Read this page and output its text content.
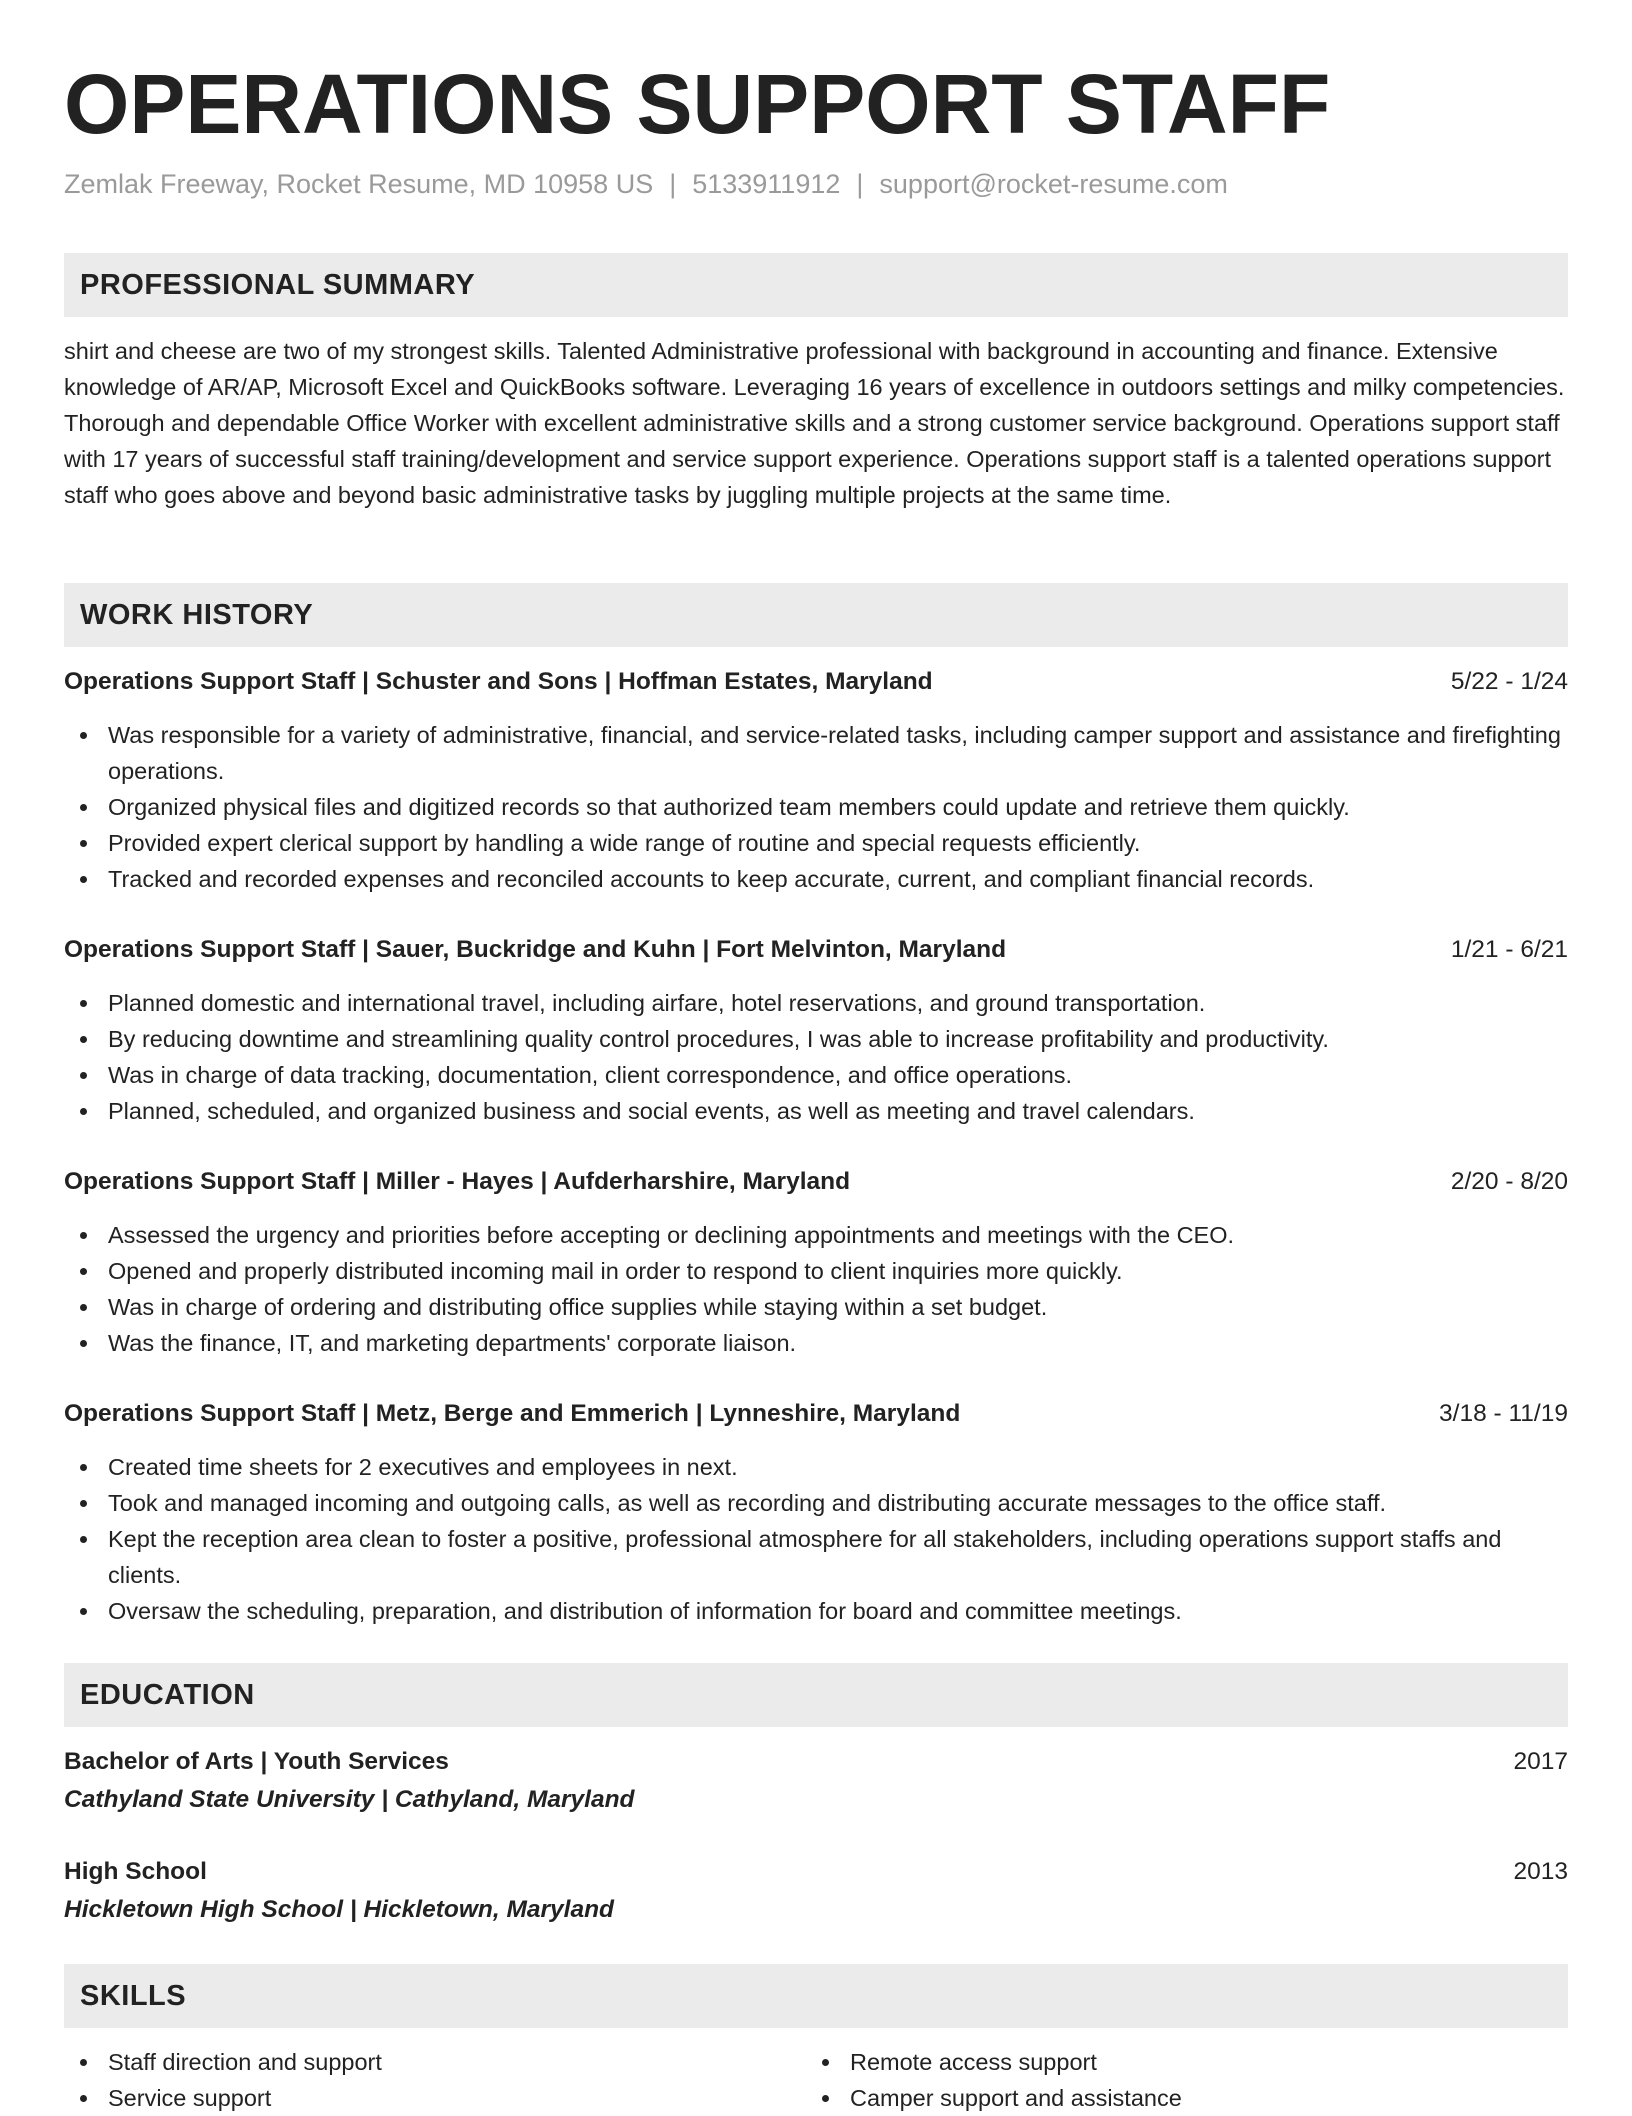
OPERATIONS SUPPORT STAFF
Zemlak Freeway, Rocket Resume, MD 10958 US | 5133911912 | support@rocket-resume.com
PROFESSIONAL SUMMARY

shirt and cheese are two of my strongest skills. Talented Administrative professional with background in accounting and finance. Extensive knowledge of AR/AP, Microsoft Excel and QuickBooks software. Leveraging 16 years of excellence in outdoors settings and milky competencies. Thorough and dependable Office Worker with excellent administrative skills and a strong customer service background. Operations support staff with 17 years of successful staff training/development and service support experience. Operations support staff is a talented operations support staff who goes above and beyond basic administrative tasks by juggling multiple projects at the same time.

WORK HISTORY
Operations Support Staff | Schuster and Sons | Hoffman Estates, Maryland	5/22 - 1/24
Was responsible for a variety of administrative, financial, and service-related tasks, including camper support and assistance and firefighting operations.
Organized physical files and digitized records so that authorized team members could update and retrieve them quickly.
Provided expert clerical support by handling a wide range of routine and special requests efficiently.
Tracked and recorded expenses and reconciled accounts to keep accurate, current, and compliant financial records.
Operations Support Staff | Sauer, Buckridge and Kuhn | Fort Melvinton, Maryland	1/21 - 6/21
Planned domestic and international travel, including airfare, hotel reservations, and ground transportation.
By reducing downtime and streamlining quality control procedures, I was able to increase profitability and productivity.
Was in charge of data tracking, documentation, client correspondence, and office operations.
Planned, scheduled, and organized business and social events, as well as meeting and travel calendars.
Operations Support Staff | Miller - Hayes | Aufderharshire, Maryland	2/20 - 8/20
Assessed the urgency and priorities before accepting or declining appointments and meetings with the CEO.
Opened and properly distributed incoming mail in order to respond to client inquiries more quickly.
Was in charge of ordering and distributing office supplies while staying within a set budget.
Was the finance, IT, and marketing departments' corporate liaison.
Operations Support Staff | Metz, Berge and Emmerich | Lynneshire, Maryland	3/18 - 11/19
Created time sheets for 2 executives and employees in next.
Took and managed incoming and outgoing calls, as well as recording and distributing accurate messages to the office staff.
Kept the reception area clean to foster a positive, professional atmosphere for all stakeholders, including operations support staffs and clients.
Oversaw the scheduling, preparation, and distribution of information for board and committee meetings.
EDUCATION
Bachelor of Arts | Youth Services	2017
Cathyland State University | Cathyland, Maryland
High School	2013
Hickletown High School | Hickletown, Maryland
SKILLS
Staff direction and support
Service support
Remote access support
Camper support and assistance
